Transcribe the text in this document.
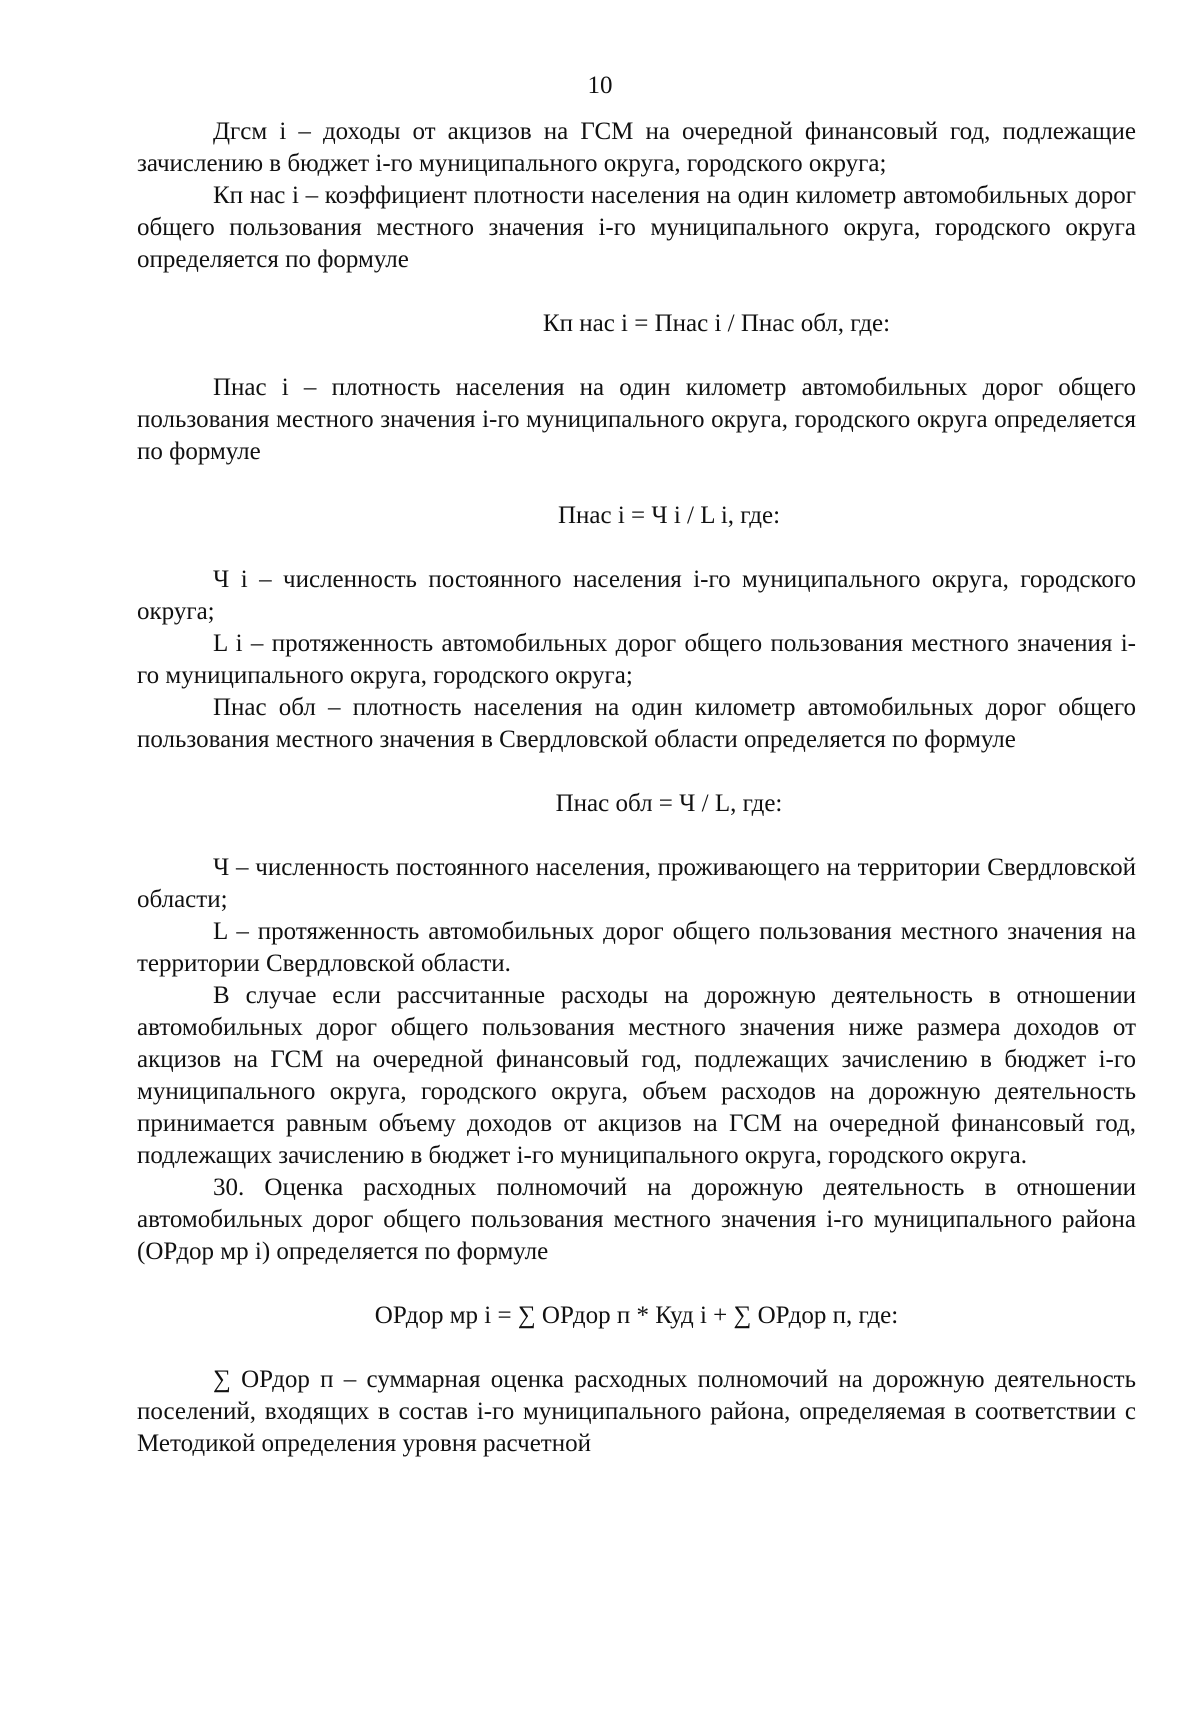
10

Дгсм i – доходы от акцизов на ГСМ на очередной финансовый год, подлежащие зачислению в бюджет i-го муниципального округа, городского округа;

Кп нас i – коэффициент плотности населения на один километр автомобильных дорог общего пользования местного значения i-го муниципального округа, городского округа определяется по формуле

Кп нас i = Пнас i / Пнас обл, где:

Пнас i – плотность населения на один километр автомобильных дорог общего пользования местного значения i-го муниципального округа, городского округа определяется по формуле

Пнас i = Ч i / L i, где:

Ч i – численность постоянного населения i-го муниципального округа, городского округа;

L i – протяженность автомобильных дорог общего пользования местного значения i-го муниципального округа, городского округа;

Пнас обл – плотность населения на один километр автомобильных дорог общего пользования местного значения в Свердловской области определяется по формуле

Пнас обл = Ч / L, где:

Ч – численность постоянного населения, проживающего на территории Свердловской области;

L – протяженность автомобильных дорог общего пользования местного значения на территории Свердловской области.

В случае если рассчитанные расходы на дорожную деятельность в отношении автомобильных дорог общего пользования местного значения ниже размера доходов от акцизов на ГСМ на очередной финансовый год, подлежащих зачислению в бюджет i-го муниципального округа, городского округа, объем расходов на дорожную деятельность принимается равным объему доходов от акцизов на ГСМ на очередной финансовый год, подлежащих зачислению в бюджет i-го муниципального округа, городского округа.

30. Оценка расходных полномочий на дорожную деятельность в отношении автомобильных дорог общего пользования местного значения i-го муниципального района (ОРдор мр i) определяется по формуле

ОРдор мр i = ∑ ОРдор п * Куд i + ∑ ОРдор п, где:

∑ ОРдор п – суммарная оценка расходных полномочий на дорожную деятельность поселений, входящих в состав i-го муниципального района, определяемая в соответствии с Методикой определения уровня расчетной
